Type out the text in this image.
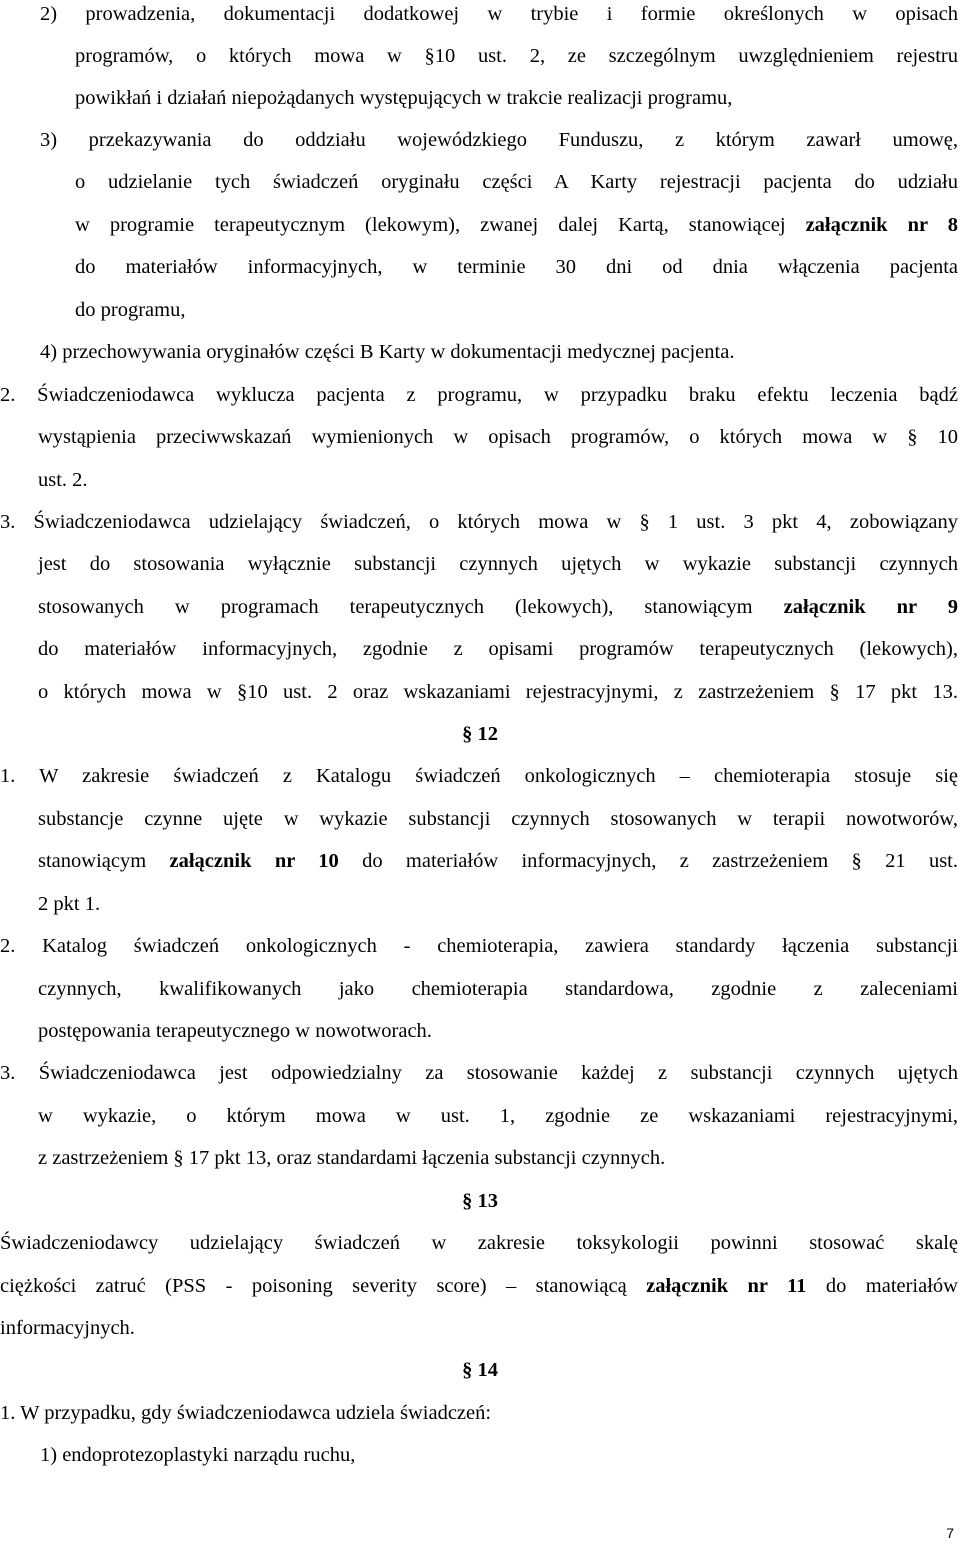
2) prowadzenia, dokumentacji dodatkowej w trybie i formie określonych w opisach
programów, o których mowa w §10 ust. 2, ze szczególnym uwzględnieniem rejestru
powikłań i działań niepożądanych występujących w trakcie realizacji programu,
3) przekazywania do oddziału wojewódzkiego Funduszu, z którym zawarł umowę,
o udzielanie tych świadczeń oryginału części A Karty rejestracji pacjenta do udziału
w programie terapeutycznym (lekowym), zwanej dalej Kartą, stanowiącej załącznik nr 8
do materiałów informacyjnych, w terminie 30 dni od dnia włączenia pacjenta
do programu,
4) przechowywania oryginałów części B Karty w dokumentacji medycznej pacjenta.
2. Świadczeniodawca wyklucza pacjenta z programu, w przypadku braku efektu leczenia bądź
wystąpienia przeciwwskazań wymienionych w opisach programów, o których mowa w § 10
ust. 2.
3. Świadczeniodawca udzielający świadczeń, o których mowa w § 1 ust. 3 pkt 4, zobowiązany
jest do stosowania wyłącznie substancji czynnych ujętych w wykazie substancji czynnych
stosowanych w programach terapeutycznych (lekowych), stanowiącym załącznik nr 9
do materiałów informacyjnych, zgodnie z opisami programów terapeutycznych (lekowych),
o których mowa w §10 ust. 2 oraz wskazaniami rejestracyjnymi, z zastrzeżeniem § 17 pkt 13.
§ 12
1. W zakresie świadczeń z Katalogu świadczeń onkologicznych – chemioterapia stosuje się
substancje czynne ujęte w wykazie substancji czynnych stosowanych w terapii nowotworów,
stanowiącym załącznik nr 10 do materiałów informacyjnych, z zastrzeżeniem § 21 ust.
2 pkt 1.
2. Katalog świadczeń onkologicznych - chemioterapia, zawiera standardy łączenia substancji
czynnych, kwalifikowanych jako chemioterapia standardowa, zgodnie z zaleceniami
postępowania terapeutycznego w nowotworach.
3. Świadczeniodawca jest odpowiedzialny za stosowanie każdej z substancji czynnych ujętych
w wykazie, o którym mowa w ust. 1, zgodnie ze wskazaniami rejestracyjnymi,
z zastrzeżeniem § 17 pkt 13, oraz standardami łączenia substancji czynnych.
§ 13
Świadczeniodawcy udzielający świadczeń w zakresie toksykologii powinni stosować skalę
ciężkości zatruć (PSS - poisoning severity score) – stanowiącą załącznik nr 11 do materiałów
informacyjnych.
§ 14
1. W przypadku, gdy świadczeniodawca udziela świadczeń:
1) endoprotezoplastyki narządu ruchu,
7
